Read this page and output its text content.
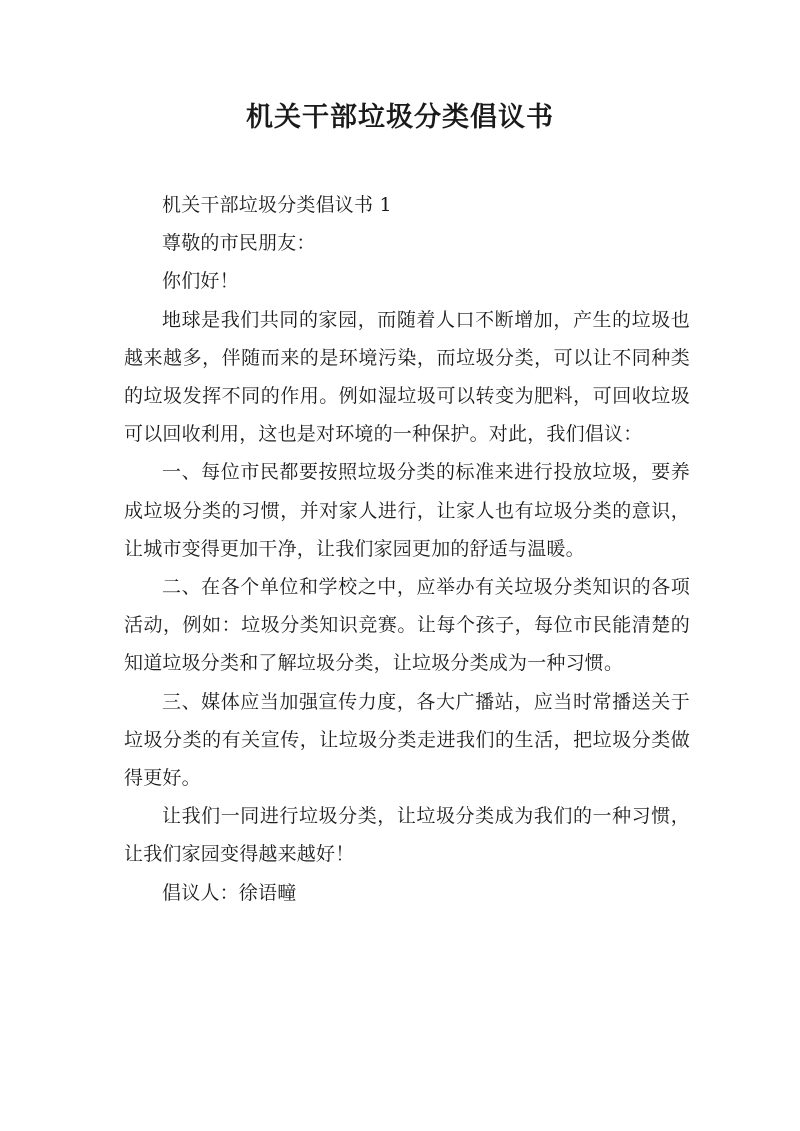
机关干部垃圾分类倡议书

机关干部垃圾分类倡议书 1

尊敬的市民朋友：

你们好！

地球是我们共同的家园，而随着人口不断增加，产生的垃圾也越来越多，伴随而来的是环境污染，而垃圾分类，可以让不同种类的垃圾发挥不同的作用。例如湿垃圾可以转变为肥料，可回收垃圾可以回收利用，这也是对环境的一种保护。对此，我们倡议：

一、每位市民都要按照垃圾分类的标准来进行投放垃圾，要养成垃圾分类的习惯，并对家人进行，让家人也有垃圾分类的意识，让城市变得更加干净，让我们家园更加的舒适与温暖。

二、在各个单位和学校之中，应举办有关垃圾分类知识的各项活动，例如：垃圾分类知识竞赛。让每个孩子，每位市民能清楚的知道垃圾分类和了解垃圾分类，让垃圾分类成为一种习惯。

三、媒体应当加强宣传力度，各大广播站，应当时常播送关于垃圾分类的有关宣传，让垃圾分类走进我们的生活，把垃圾分类做得更好。

让我们一同进行垃圾分类，让垃圾分类成为我们的一种习惯，让我们家园变得越来越好！

倡议人：徐语疃
